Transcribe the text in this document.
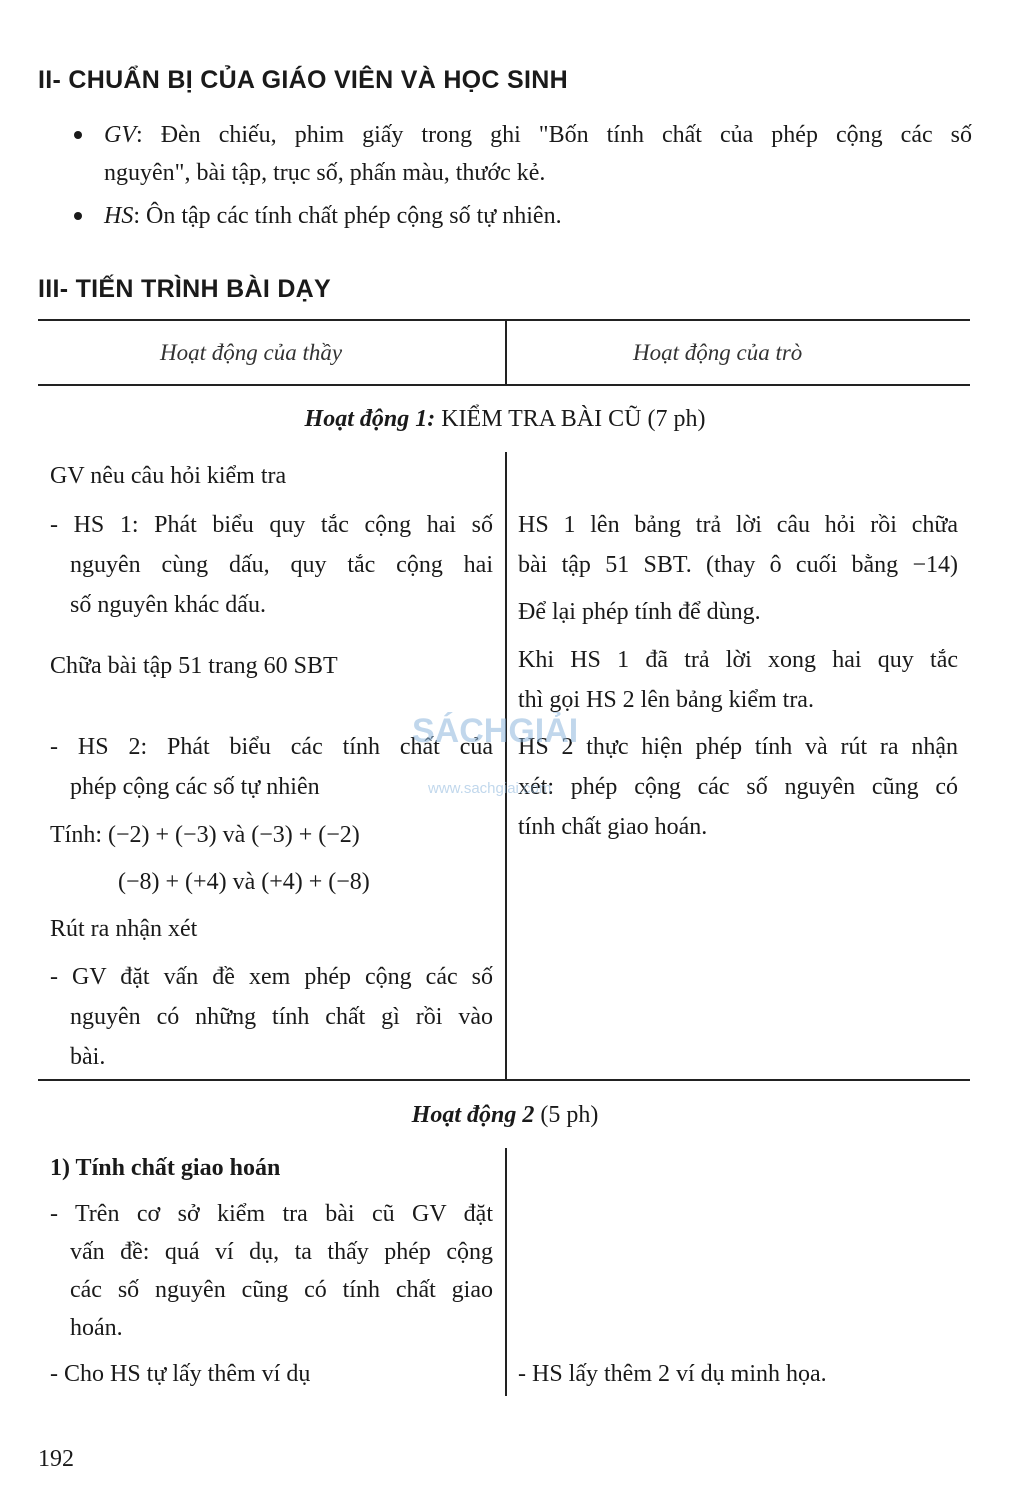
II- CHUẨN BỊ CỦA GIÁO VIÊN VÀ HỌC SINH
GV: Đèn chiếu, phim giấy trong ghi "Bốn tính chất của phép cộng các số
nguyên", bài tập, trục số, phấn màu, thước kẻ.
HS: Ôn tập các tính chất phép cộng số tự nhiên.
III- TIẾN TRÌNH BÀI DẠY
Hoạt động của thầy	Hoạt động của trò
Hoạt động 1: KIỂM TRA BÀI CŨ (7 ph)
GV nêu câu hỏi kiểm tra
- HS 1: Phát biểu quy tắc cộng hai số
nguyên cùng dấu, quy tắc cộng hai
số nguyên khác dấu.
Chữa bài tập 51 trang 60 SBT
- HS 2: Phát biểu các tính chất của
phép cộng các số tự nhiên
Tính: (−2) + (−3) và (−3) + (−2)
(−8) + (+4) và (+4) + (−8)
Rút ra nhận xét
- GV đặt vấn đề xem phép cộng các số
nguyên có những tính chất gì rồi vào
bài.
HS 1 lên bảng trả lời câu hỏi rồi chữa
bài tập 51 SBT. (thay ô cuối bằng −14)
Để lại phép tính để dùng.
Khi HS 1 đã trả lời xong hai quy tắc
thì gọi HS 2 lên bảng kiểm tra.
HS 2 thực hiện phép tính và rút ra nhận
xét: phép cộng các số nguyên cũng có
tính chất giao hoán.
Hoạt động 2 (5 ph)
1) Tính chất giao hoán
- Trên cơ sở kiểm tra bài cũ GV đặt
vấn đề: quá ví dụ, ta thấy phép cộng
các số nguyên cũng có tính chất giao
hoán.
- Cho HS tự lấy thêm ví dụ	- HS lấy thêm 2 ví dụ minh họa.
SÁCHGIẢI
www.sachgiai.com
192
